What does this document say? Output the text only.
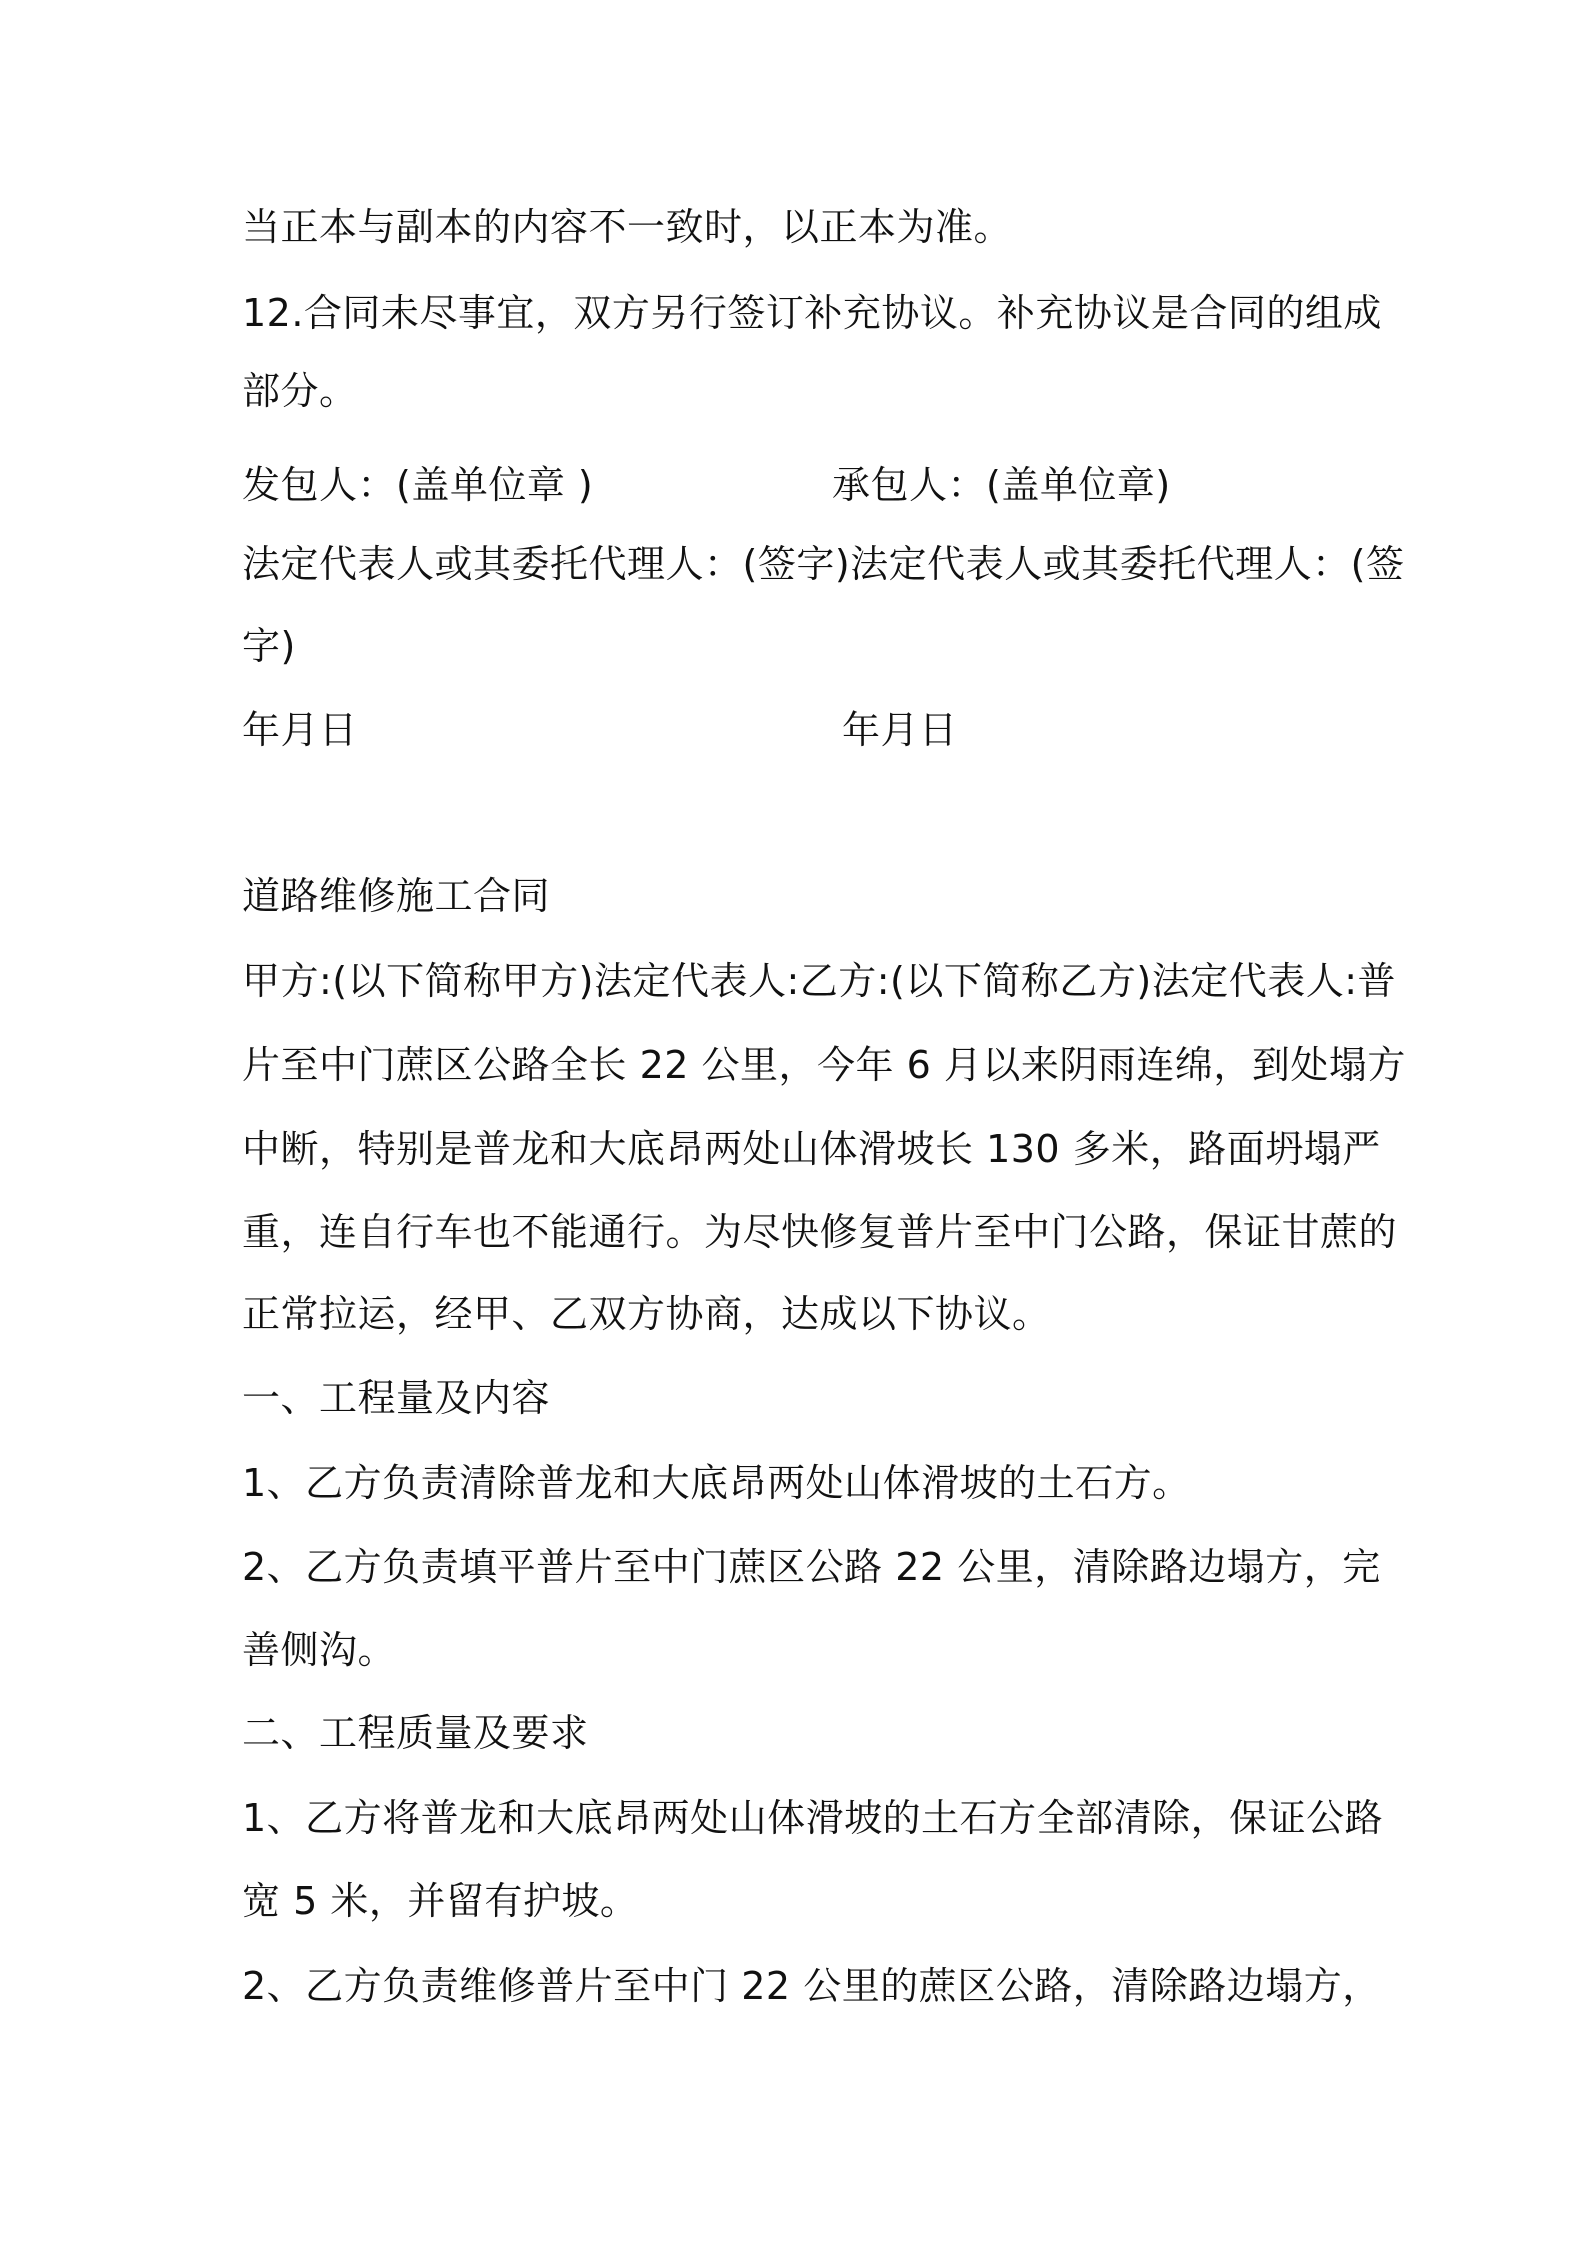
当正本与副本的内容不一致时，以正本为准。
12.合同未尽事宜，双方另行签订补充协议。补充协议是合同的组成
部分。
发包人：(盖单位章 )	承包人：(盖单位章)
法定代表人或其委托代理人：(签字)法定代表人或其委托代理人：(签
字)
年月日	年月日
道路维修施工合同
甲方:(以下简称甲方)法定代表人:乙方:(以下简称乙方)法定代表人:普
片至中门蔗区公路全长 22 公里，今年 6 月以来阴雨连绵，到处塌方
中断，特别是普龙和大底昂两处山体滑坡长 130 多米，路面坍塌严
重，连自行车也不能通行。为尽快修复普片至中门公路，保证甘蔗的
正常拉运，经甲、乙双方协商，达成以下协议。
一、工程量及内容
1、乙方负责清除普龙和大底昂两处山体滑坡的土石方。
2、乙方负责填平普片至中门蔗区公路 22 公里，清除路边塌方，完
善侧沟。
二、工程质量及要求
1、乙方将普龙和大底昂两处山体滑坡的土石方全部清除，保证公路
宽 5 米，并留有护坡。
2、乙方负责维修普片至中门 22 公里的蔗区公路，清除路边塌方，
